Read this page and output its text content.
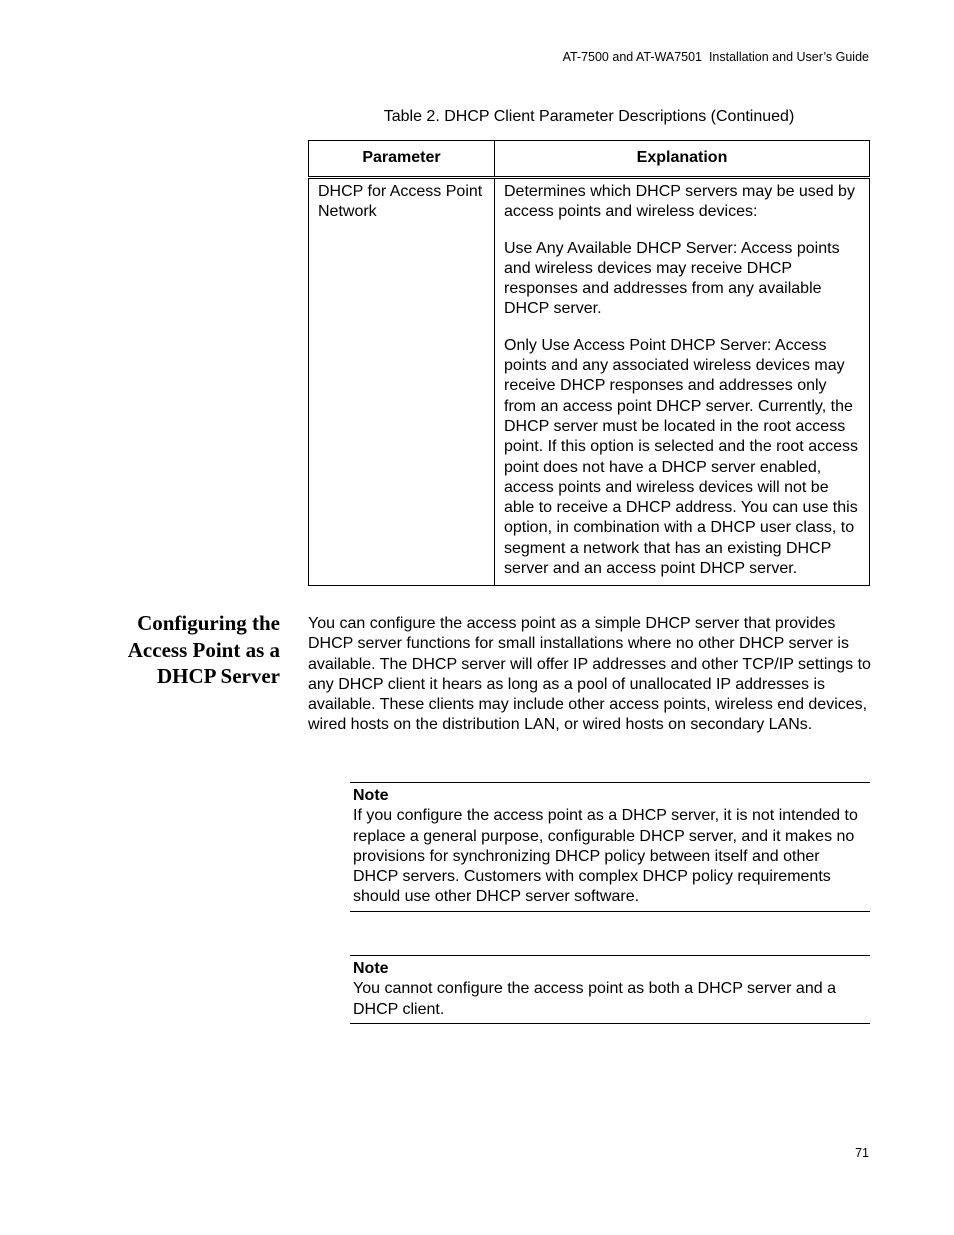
AT-7500 and AT-WA7501  Installation and User’s Guide
Table 2. DHCP Client Parameter Descriptions (Continued)
Parameter	Explanation
DHCP for Access Point Network	Determines which DHCP servers may be used by access points and wireless devices:

Use Any Available DHCP Server: Access points and wireless devices may receive DHCP responses and addresses from any available DHCP server.

Only Use Access Point DHCP Server: Access points and any associated wireless devices may receive DHCP responses and addresses only from an access point DHCP server. Currently, the DHCP server must be located in the root access point. If this option is selected and the root access point does not have a DHCP server enabled, access points and wireless devices will not be able to receive a DHCP address. You can use this option, in combination with a DHCP user class, to segment a network that has an existing DHCP server and an access point DHCP server.

Configuring the
Access Point as a
DHCP Server

You can configure the access point as a simple DHCP server that provides DHCP server functions for small installations where no other DHCP server is available. The DHCP server will offer IP addresses and other TCP/IP settings to any DHCP client it hears as long as a pool of unallocated IP addresses is available. These clients may include other access points, wireless end devices, wired hosts on the distribution LAN, or wired hosts on secondary LANs.

Note
If you configure the access point as a DHCP server, it is not intended to replace a general purpose, configurable DHCP server, and it makes no provisions for synchronizing DHCP policy between itself and other DHCP servers. Customers with complex DHCP policy requirements should use other DHCP server software.
Note
You cannot configure the access point as both a DHCP server and a DHCP client.
71
